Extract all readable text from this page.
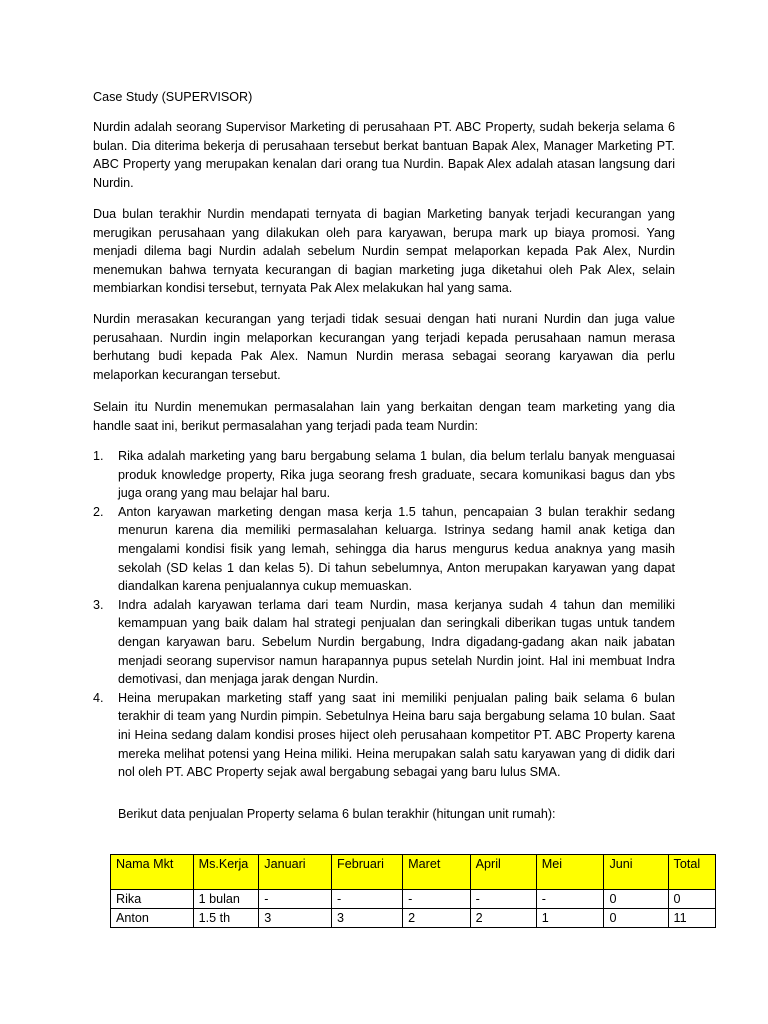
Case Study (SUPERVISOR)

Nurdin adalah seorang Supervisor Marketing di perusahaan PT. ABC Property, sudah bekerja selama 6 bulan. Dia diterima bekerja di perusahaan tersebut berkat bantuan Bapak Alex, Manager Marketing PT. ABC Property yang merupakan kenalan dari orang tua Nurdin. Bapak Alex adalah atasan langsung dari Nurdin.

Dua bulan terakhir Nurdin mendapati ternyata di bagian Marketing banyak terjadi kecurangan yang merugikan perusahaan yang dilakukan oleh para karyawan, berupa mark up biaya promosi. Yang menjadi dilema bagi Nurdin adalah sebelum Nurdin sempat melaporkan kepada Pak Alex, Nurdin menemukan bahwa ternyata kecurangan di bagian marketing juga diketahui oleh Pak Alex, selain membiarkan kondisi tersebut, ternyata Pak Alex melakukan hal yang sama.

Nurdin merasakan kecurangan yang terjadi tidak sesuai dengan hati nurani Nurdin dan juga value perusahaan. Nurdin ingin melaporkan kecurangan yang terjadi kepada perusahaan namun merasa berhutang budi kepada Pak Alex. Namun Nurdin merasa sebagai seorang karyawan dia perlu melaporkan kecurangan tersebut.

Selain itu Nurdin menemukan permasalahan lain yang berkaitan dengan team marketing yang dia handle saat ini, berikut permasalahan yang terjadi pada team Nurdin:

1. Rika adalah marketing yang baru bergabung selama 1 bulan, dia belum terlalu banyak menguasai produk knowledge property, Rika juga seorang fresh graduate, secara komunikasi bagus dan ybs juga orang yang mau belajar hal baru.
2. Anton karyawan marketing dengan masa kerja 1.5 tahun, pencapaian 3 bulan terakhir sedang menurun karena dia memiliki permasalahan keluarga. Istrinya sedang hamil anak ketiga dan mengalami kondisi fisik yang lemah, sehingga dia harus mengurus kedua anaknya yang masih sekolah (SD kelas 1 dan kelas 5). Di tahun sebelumnya, Anton merupakan karyawan yang dapat diandalkan karena penjualannya cukup memuaskan.
3. Indra adalah karyawan terlama dari team Nurdin, masa kerjanya sudah 4 tahun dan memiliki kemampuan yang baik dalam hal strategi penjualan dan seringkali diberikan tugas untuk tandem dengan karyawan baru. Sebelum Nurdin bergabung, Indra digadang-gadang akan naik jabatan menjadi seorang supervisor namun harapannya pupus setelah Nurdin joint. Hal ini membuat Indra demotivasi, dan menjaga jarak dengan Nurdin.
4. Heina merupakan marketing staff yang saat ini memiliki penjualan paling baik selama 6 bulan terakhir di team yang Nurdin pimpin. Sebetulnya Heina baru saja bergabung selama 10 bulan. Saat ini Heina sedang dalam kondisi proses hiject oleh perusahaan kompetitor PT. ABC Property karena mereka melihat potensi yang Heina miliki. Heina merupakan salah satu karyawan yang di didik dari nol oleh PT. ABC Property sejak awal bergabung sebagai yang baru lulus SMA.
Berikut data penjualan Property selama 6 bulan terakhir (hitungan unit rumah):
Nama Mkt	Ms.Kerja	Januari	Februari	Maret	April	Mei	Juni	Total
Rika	1 bulan	-	-	-	-	-	0	0
Anton	1.5 th	3	3	2	2	1	0	11
